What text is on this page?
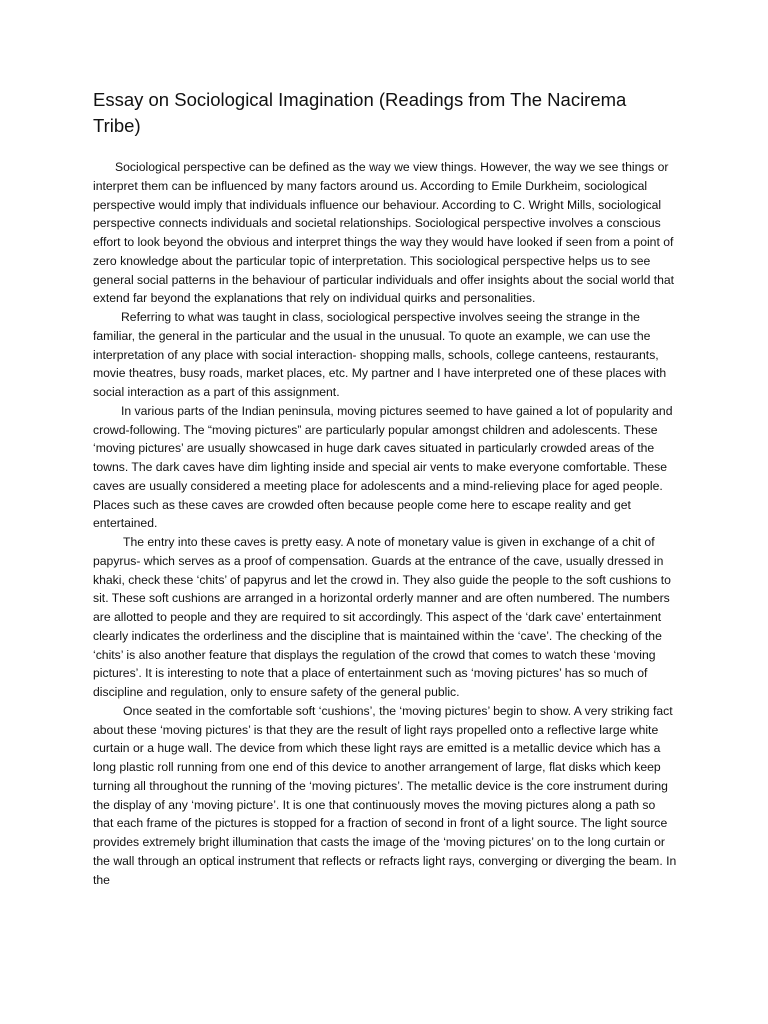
Essay on Sociological Imagination (Readings from The Nacirema Tribe)

Sociological perspective can be defined as the way we view things. However, the way we see things or interpret them can be influenced by many factors around us. According to Emile Durkheim, sociological perspective would imply that individuals influence our behaviour. According to C. Wright Mills, sociological perspective connects individuals and societal relationships. Sociological perspective involves a conscious effort to look beyond the obvious and interpret things the way they would have looked if seen from a point of zero knowledge about the particular topic of interpretation. This sociological perspective helps us to see general social patterns in the behaviour of particular individuals and offer insights about the social world that extend far beyond the explanations that rely on individual quirks and personalities.

Referring to what was taught in class, sociological perspective involves seeing the strange in the familiar, the general in the particular and the usual in the unusual. To quote an example, we can use the interpretation of any place with social interaction- shopping malls, schools, college canteens, restaurants, movie theatres, busy roads, market places, etc. My partner and I have interpreted one of these places with social interaction as a part of this assignment.

In various parts of the Indian peninsula, moving pictures seemed to have gained a lot of popularity and crowd-following. The “moving pictures” are particularly popular amongst children and adolescents. These ‘moving pictures’ are usually showcased in huge dark caves situated in particularly crowded areas of the towns. The dark caves have dim lighting inside and special air vents to make everyone comfortable. These caves are usually considered a meeting place for adolescents and a mind-relieving place for aged people. Places such as these caves are crowded often because people come here to escape reality and get entertained.

The entry into these caves is pretty easy. A note of monetary value is given in exchange of a chit of papyrus- which serves as a proof of compensation. Guards at the entrance of the cave, usually dressed in khaki, check these ‘chits’ of papyrus and let the crowd in. They also guide the people to the soft cushions to sit. These soft cushions are arranged in a horizontal orderly manner and are often numbered. The numbers are allotted to people and they are required to sit accordingly. This aspect of the ‘dark cave’ entertainment clearly indicates the orderliness and the discipline that is maintained within the ‘cave’. The checking of the ‘chits’ is also another feature that displays the regulation of the crowd that comes to watch these ‘moving pictures’. It is interesting to note that a place of entertainment such as ‘moving pictures’ has so much of discipline and regulation, only to ensure safety of the general public.

Once seated in the comfortable soft ‘cushions’, the ‘moving pictures’ begin to show. A very striking fact about these ‘moving pictures’ is that they are the result of light rays propelled onto a reflective large white curtain or a huge wall. The device from which these light rays are emitted is a metallic device which has a long plastic roll running from one end of this device to another arrangement of large, flat disks which keep turning all throughout the running of the ‘moving pictures’. The metallic device is the core instrument during the display of any ‘moving picture’. It is one that continuously moves the moving pictures along a path so that each frame of the pictures is stopped for a fraction of second in front of a light source. The light source provides extremely bright illumination that casts the image of the ‘moving pictures’ on to the long curtain or the wall through an optical instrument that reflects or refracts light rays, converging or diverging the beam. In the
